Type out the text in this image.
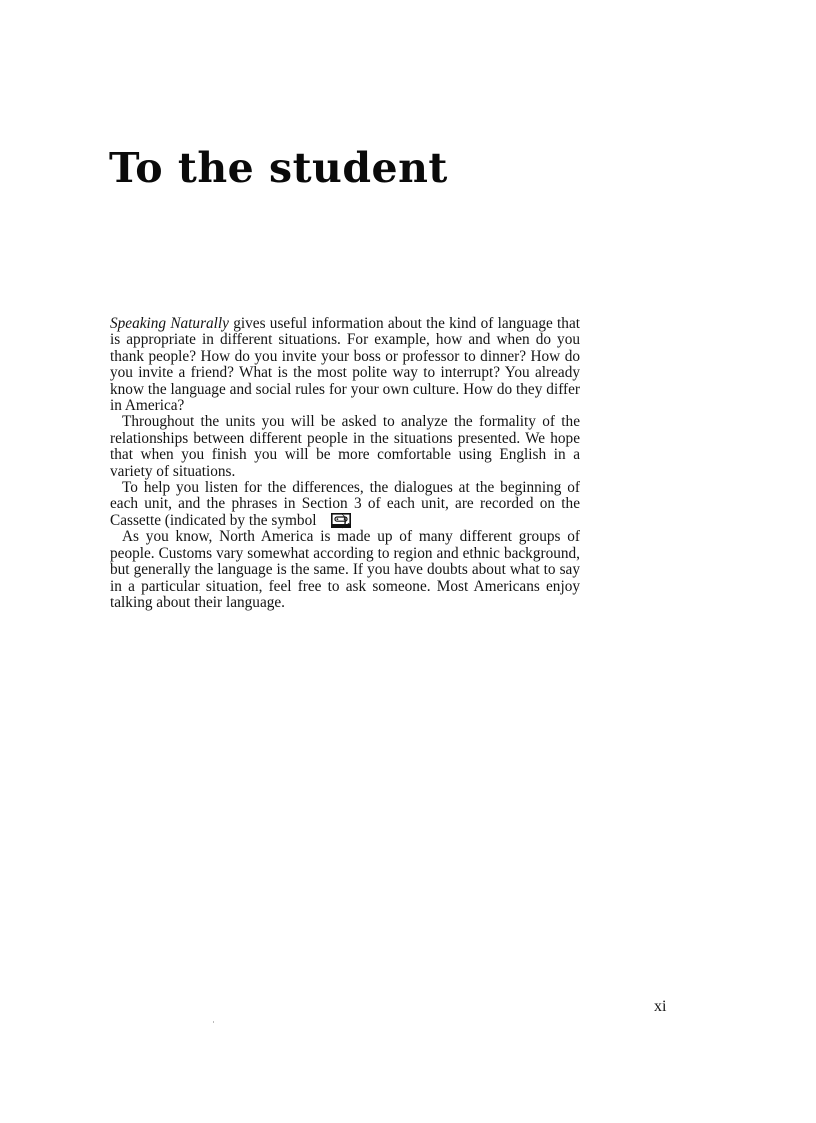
To the student

Speaking Naturally gives useful information about the kind of language that is appropriate in different situations. For example, how and when do you thank people? How do you invite your boss or professor to dinner? How do you invite a friend? What is the most polite way to interrupt? You already know the language and social rules for your own culture. How do they differ in America?

Throughout the units you will be asked to analyze the formality of the relationships between different people in the situations presented. We hope that when you finish you will be more comfortable using English in a variety of situations.

To help you listen for the differences, the dialogues at the beginning of each unit, and the phrases in Section 3 of each unit, are recorded on the Cassette (indicated by the symbol ).

As you know, North America is made up of many different groups of people. Customs vary somewhat according to region and ethnic background, but generally the language is the same. If you have doubts about what to say in a particular situation, feel free to ask someone. Most Americans enjoy talking about their language.

xi
